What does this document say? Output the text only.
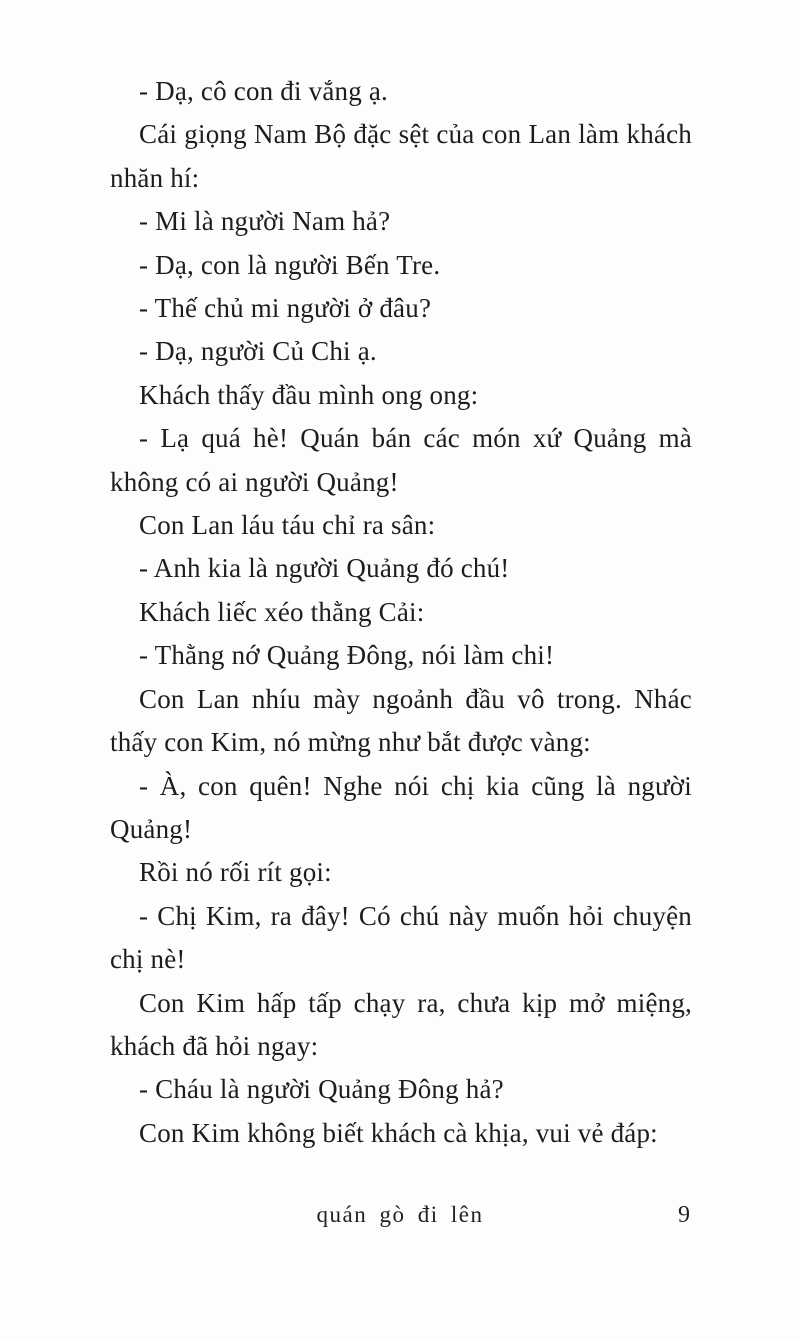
- Dạ, cô con đi vắng ạ.
Cái giọng Nam Bộ đặc sệt của con Lan làm khách
nhăn hí:
- Mi là người Nam hả?
- Dạ, con là người Bến Tre.
- Thế chủ mi người ở đâu?
- Dạ, người Củ Chi ạ.
Khách thấy đầu mình ong ong:
- Lạ quá hè! Quán bán các món xứ Quảng mà
không có ai người Quảng!
Con Lan láu táu chỉ ra sân:
- Anh kia là người Quảng đó chú!
Khách liếc xéo thằng Cải:
- Thằng nớ Quảng Đông, nói làm chi!
Con Lan nhíu mày ngoảnh đầu vô trong. Nhác
thấy con Kim, nó mừng như bắt được vàng:
- À, con quên! Nghe nói chị kia cũng là người
Quảng!
Rồi nó rối rít gọi:
- Chị Kim, ra đây! Có chú này muốn hỏi chuyện
chị nè!
Con Kim hấp tấp chạy ra, chưa kịp mở miệng,
khách đã hỏi ngay:
- Cháu là người Quảng Đông hả?
Con Kim không biết khách cà khịa, vui vẻ đáp:
quán gò đi lên	9
